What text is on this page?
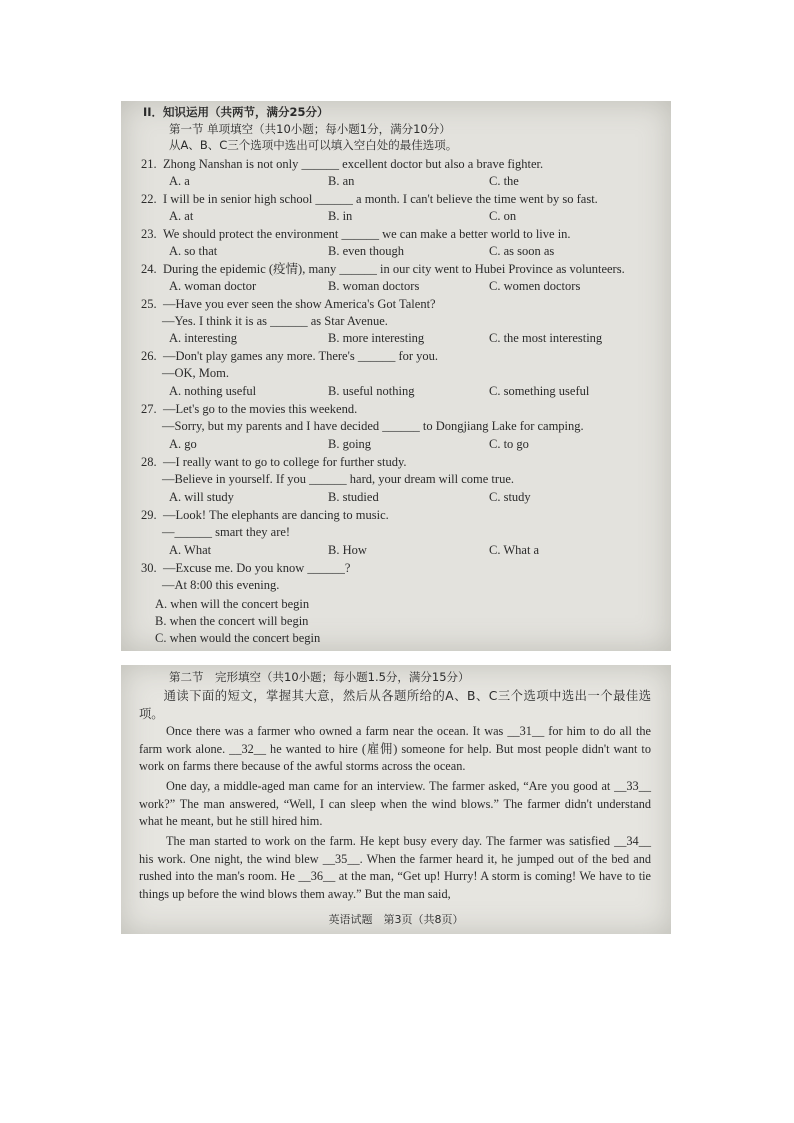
II．知识运用（共两节，满分25分）
第一节 单项填空（共10小题；每小题1分，满分10分）
从A、B、C三个选项中选出可以填入空白处的最佳选项。
21. Zhong Nanshan is not only ______ excellent doctor but also a brave fighter.
A. a	B. an	C. the
22. I will be in senior high school ______ a month. I can't believe the time went by so fast.
A. at	B. in	C. on
23. We should protect the environment ______ we can make a better world to live in.
A. so that	B. even though	C. as soon as
24. During the epidemic (疫情), many ______ in our city went to Hubei Province as volunteers.
A. woman doctor	B. woman doctors	C. women doctors
25. —Have you ever seen the show America's Got Talent?
—Yes. I think it is as ______ as Star Avenue.
A. interesting	B. more interesting	C. the most interesting
26. —Don't play games any more. There's ______ for you.
—OK, Mom.
A. nothing useful	B. useful nothing	C. something useful
27. —Let's go to the movies this weekend.
—Sorry, but my parents and I have decided ______ to Dongjiang Lake for camping.
A. go	B. going	C. to go
28. —I really want to go to college for further study.
—Believe in yourself. If you ______ hard, your dream will come true.
A. will study	B. studied	C. study
29. —Look! The elephants are dancing to music.
—______ smart they are!
A. What	B. How	C. What a
30. —Excuse me. Do you know ______?
—At 8:00 this evening.
A. when will the concert begin
B. when the concert will begin
C. when would the concert begin
第二节　完形填空（共10小题；每小题1.5分，满分15分）
通读下面的短文，掌握其大意，然后从各题所给的A、B、C三个选项中选出一个最佳选项。
Once there was a farmer who owned a farm near the ocean. It was __31__ for him to do all the farm work alone. __32__ he wanted to hire (雇佣) someone for help. But most people didn't want to work on farms there because of the awful storms across the ocean.
One day, a middle-aged man came for an interview. The farmer asked, “Are you good at __33__ work?” The man answered, “Well, I can sleep when the wind blows.” The farmer didn't understand what he meant, but he still hired him.
The man started to work on the farm. He kept busy every day. The farmer was satisfied __34__ his work. One night, the wind blew __35__. When the farmer heard it, he jumped out of the bed and rushed into the man's room. He __36__ at the man, “Get up! Hurry! A storm is coming! We have to tie things up before the wind blows them away.” But the man said,
英语试题　第3页（共8页）
